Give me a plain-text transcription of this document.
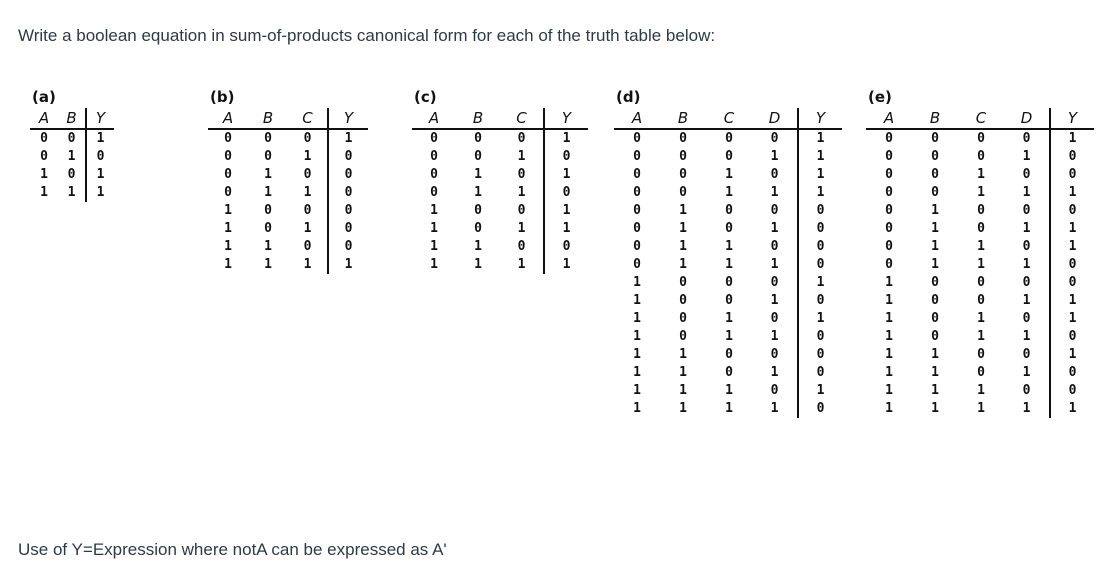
Write a boolean equation in sum-of-products canonical form for each of the truth table below:

(a)
A	B	Y
0	0	1
0	1	0
1	0	1
1	1	1
(b)
A	B	C	Y
0	0	0	1
0	0	1	0
0	1	0	0
0	1	1	0
1	0	0	0
1	0	1	0
1	1	0	0
1	1	1	1
(c)
A	B	C	Y
0	0	0	1
0	0	1	0
0	1	0	1
0	1	1	0
1	0	0	1
1	0	1	1
1	1	0	0
1	1	1	1
(d)
A	B	C	D	Y
0	0	0	0	1
0	0	0	1	1
0	0	1	0	1
0	0	1	1	1
0	1	0	0	0
0	1	0	1	0
0	1	1	0	0
0	1	1	1	0
1	0	0	0	1
1	0	0	1	0
1	0	1	0	1
1	0	1	1	0
1	1	0	0	0
1	1	0	1	0
1	1	1	0	1
1	1	1	1	0
(e)
A	B	C	D	Y
0	0	0	0	1
0	0	0	1	0
0	0	1	0	0
0	0	1	1	1
0	1	0	0	0
0	1	0	1	1
0	1	1	0	1
0	1	1	1	0
1	0	0	0	0
1	0	0	1	1
1	0	1	0	1
1	0	1	1	0
1	1	0	0	1
1	1	0	1	0
1	1	1	0	0
1	1	1	1	1

Use of Y=Expression where notA can be expressed as A'
